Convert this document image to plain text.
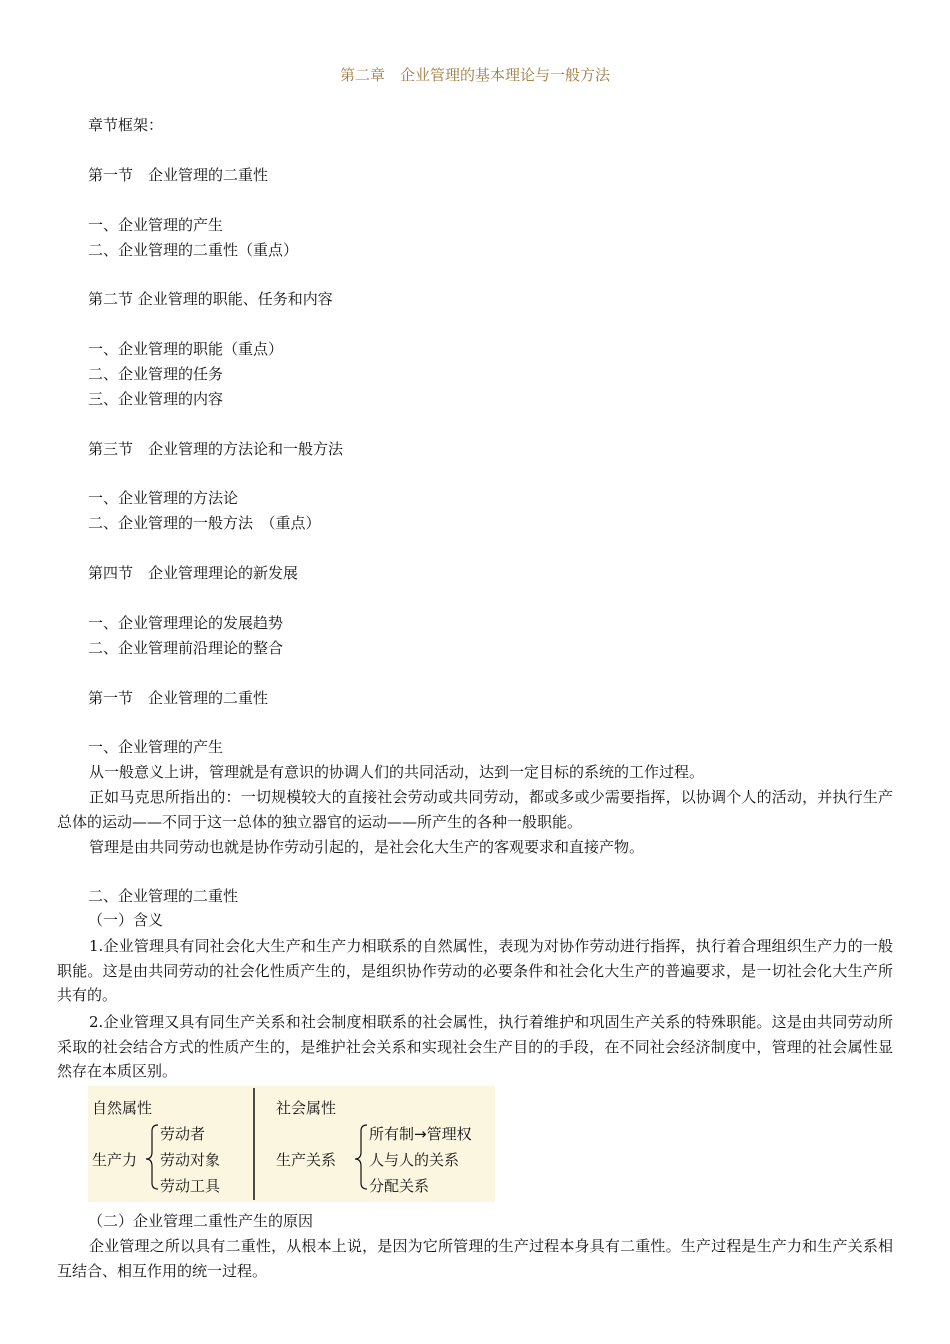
第二章　企业管理的基本理论与一般方法
章节框架：
第一节　企业管理的二重性
一、企业管理的产生
二、企业管理的二重性（重点）
第二节 企业管理的职能、任务和内容
一、企业管理的职能（重点）
二、企业管理的任务
三、企业管理的内容
第三节　企业管理的方法论和一般方法
一、企业管理的方法论
二、企业管理的一般方法　（重点）
第四节　企业管理理论的新发展
一、企业管理理论的发展趋势
二、企业管理前沿理论的整合
第一节　企业管理的二重性
一、企业管理的产生

从一般意义上讲，管理就是有意识的协调人们的共同活动，达到一定目标的系统的工作过程。

正如马克思所指出的：一切规模较大的直接社会劳动或共同劳动，都或多或少需要指挥，以协调个人的活动，并执行生产总体的运动——不同于这一总体的独立器官的运动——所产生的各种一般职能。

管理是由共同劳动也就是协作劳动引起的，是社会化大生产的客观要求和直接产物。

二、企业管理的二重性
（一）含义

1.企业管理具有同社会化大生产和生产力相联系的自然属性，表现为对协作劳动进行指挥，执行着合理组织生产力的一般职能。这是由共同劳动的社会化性质产生的，是组织协作劳动的必要条件和社会化大生产的普遍要求，是一切社会化大生产所共有的。

2.企业管理又具有同生产关系和社会制度相联系的社会属性，执行着维护和巩固生产关系的特殊职能。这是由共同劳动所采取的社会结合方式的性质产生的，是维护社会关系和实现社会生产目的的手段，在不同社会经济制度中，管理的社会属性显然存在本质区别。

自然属性
生产力
劳动者
劳动对象
劳动工具
社会属性
生产关系
所有制→管理权
人与人的关系
分配关系
（二）企业管理二重性产生的原因

企业管理之所以具有二重性，从根本上说，是因为它所管理的生产过程本身具有二重性。生产过程是生产力和生产关系相互结合、相互作用的统一过程。
